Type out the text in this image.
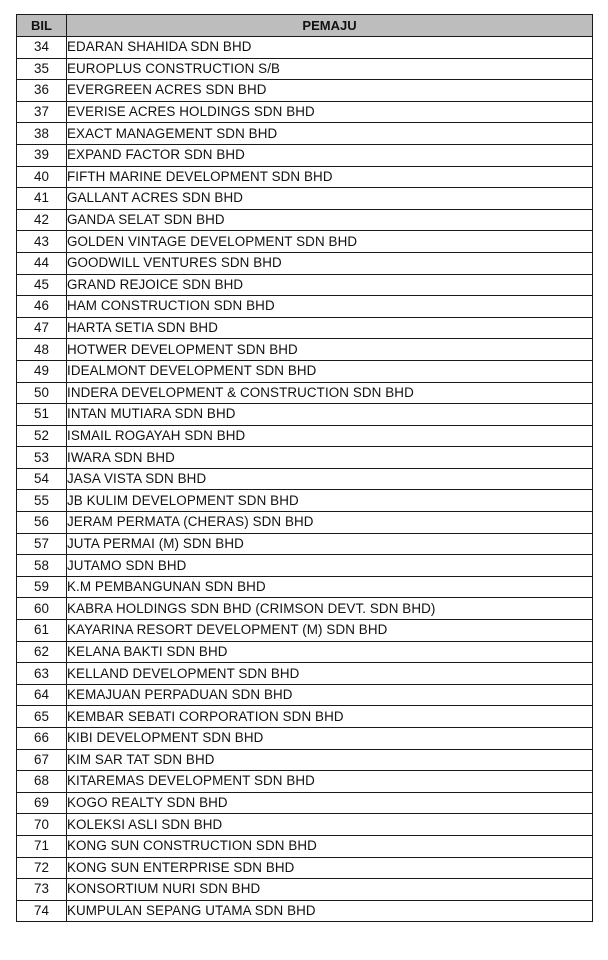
BIL	PEMAJU
34	EDARAN SHAHIDA SDN BHD
35	EUROPLUS CONSTRUCTION S/B
36	EVERGREEN ACRES SDN BHD
37	EVERISE ACRES HOLDINGS SDN BHD
38	EXACT MANAGEMENT SDN BHD
39	EXPAND FACTOR SDN BHD
40	FIFTH MARINE DEVELOPMENT SDN BHD
41	GALLANT ACRES SDN BHD
42	GANDA SELAT SDN BHD
43	GOLDEN VINTAGE DEVELOPMENT SDN BHD
44	GOODWILL VENTURES SDN BHD
45	GRAND REJOICE SDN BHD
46	HAM CONSTRUCTION SDN BHD
47	HARTA SETIA SDN BHD
48	HOTWER DEVELOPMENT SDN BHD
49	IDEALMONT DEVELOPMENT SDN BHD
50	INDERA DEVELOPMENT & CONSTRUCTION SDN BHD
51	INTAN MUTIARA SDN BHD
52	ISMAIL ROGAYAH SDN BHD
53	IWARA SDN BHD
54	JASA VISTA SDN BHD
55	JB KULIM DEVELOPMENT SDN BHD
56	JERAM PERMATA (CHERAS) SDN BHD
57	JUTA PERMAI (M) SDN BHD
58	JUTAMO SDN BHD
59	K.M PEMBANGUNAN SDN BHD
60	KABRA HOLDINGS SDN BHD (CRIMSON DEVT. SDN BHD)
61	KAYARINA RESORT DEVELOPMENT (M) SDN BHD
62	KELANA BAKTI SDN BHD
63	KELLAND DEVELOPMENT SDN BHD
64	KEMAJUAN PERPADUAN SDN BHD
65	KEMBAR SEBATI CORPORATION SDN BHD
66	KIBI DEVELOPMENT SDN BHD
67	KIM SAR TAT SDN BHD
68	KITAREMAS DEVELOPMENT SDN BHD
69	KOGO REALTY SDN BHD
70	KOLEKSI ASLI SDN BHD
71	KONG SUN CONSTRUCTION SDN BHD
72	KONG SUN ENTERPRISE SDN BHD
73	KONSORTIUM NURI SDN BHD
74	KUMPULAN SEPANG UTAMA SDN BHD
